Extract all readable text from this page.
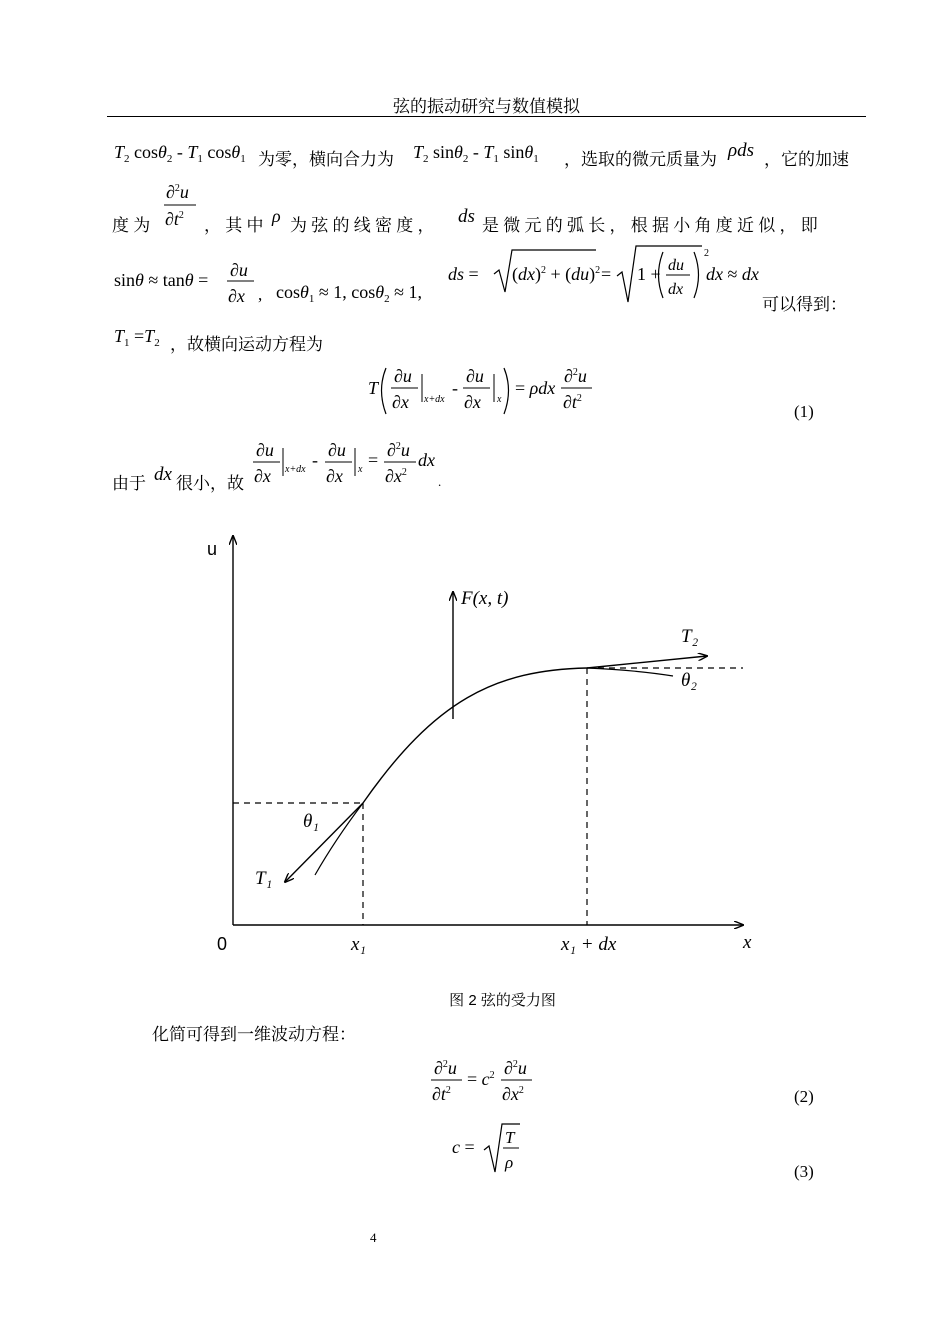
弦的振动研究与数值模拟
$T_2$ $\cos\theta_2 - T_1$ cosθ$_1$ 为零，横向合力为 $T_2$ $\sin\theta_2 - T_1$ sinθ$_1$ ，选取的微元质量为 ρds ，它的加速
度 为
∂$^2$u
$\partial t^2$
， 其 中 ρ 为 弦 的 线 密 度 ， ds 是 微 元 的 弧 长 ， 根 据 小 角 度 近 似 ， 即
sinθ ≈ tanθ = ∂u
∂x , cosθ$_1$ ≈ 1, cosθ$_2$ ≈ 1,
ds = (dx)$^2$ + (du)$^2$ = 1 + du
dx
2
dx ≈ dx
可以得到：
$T_1 =T_2$ ，故横向运动方程为
T
∂u
∂x x+dx
-
∂u
∂x x
= ρdx
∂$^2$u
$\partial t^2$
(1)
由于 dx 很小，故
∂u
∂x x+dx - ∂u
∂x x = ∂$^2$u
$\partial x^2$
dx
.
u
x
0	x₁	x₁ + dx
F(x, t)
T₁
T₂
θ₁
θ₂
图 2 弦的受力图
化简可得到一维波动方程：
∂$^2$u
$\partial t^2$
= $c^2$ ∂$^2$u
$\partial x^2$	(2)
c = T
ρ	(3)
4
